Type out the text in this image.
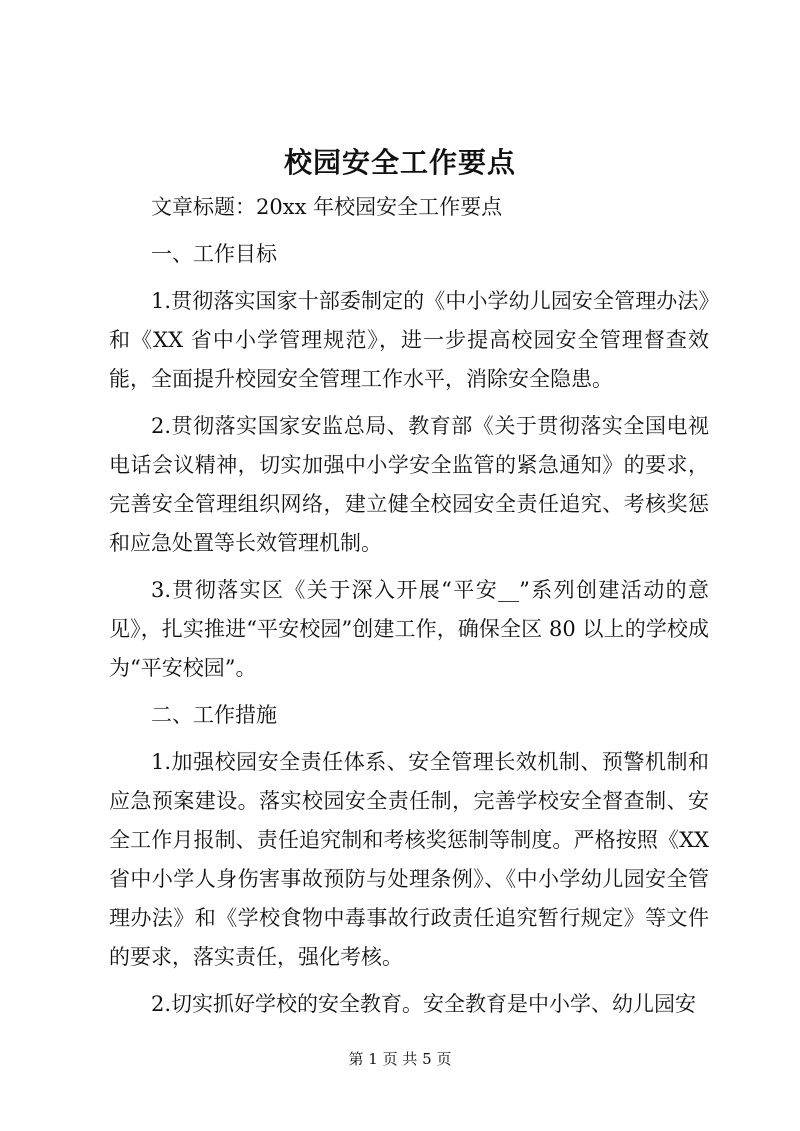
校园安全工作要点

文章标题：20xx 年校园安全工作要点

一、工作目标

1.贯彻落实国家十部委制定的《中小学幼儿园安全管理办法》和《XX 省中小学管理规范》，进一步提高校园安全管理督查效能，全面提升校园安全管理工作水平，消除安全隐患。

2.贯彻落实国家安监总局、教育部《关于贯彻落实全国电视电话会议精神，切实加强中小学安全监管的紧急通知》的要求，完善安全管理组织网络，建立健全校园安全责任追究、考核奖惩和应急处置等长效管理机制。

3.贯彻落实区《关于深入开展“平安__”系列创建活动的意见》，扎实推进“平安校园”创建工作，确保全区 80 以上的学校成为“平安校园”。

二、工作措施

1.加强校园安全责任体系、安全管理长效机制、预警机制和应急预案建设。落实校园安全责任制，完善学校安全督查制、安全工作月报制、责任追究制和考核奖惩制等制度。严格按照《XX 省中小学人身伤害事故预防与处理条例》、《中小学幼儿园安全管理办法》和《学校食物中毒事故行政责任追究暂行规定》等文件的要求，落实责任，强化考核。

2.切实抓好学校的安全教育。安全教育是中小学、幼儿园安

第 1 页 共 5 页
